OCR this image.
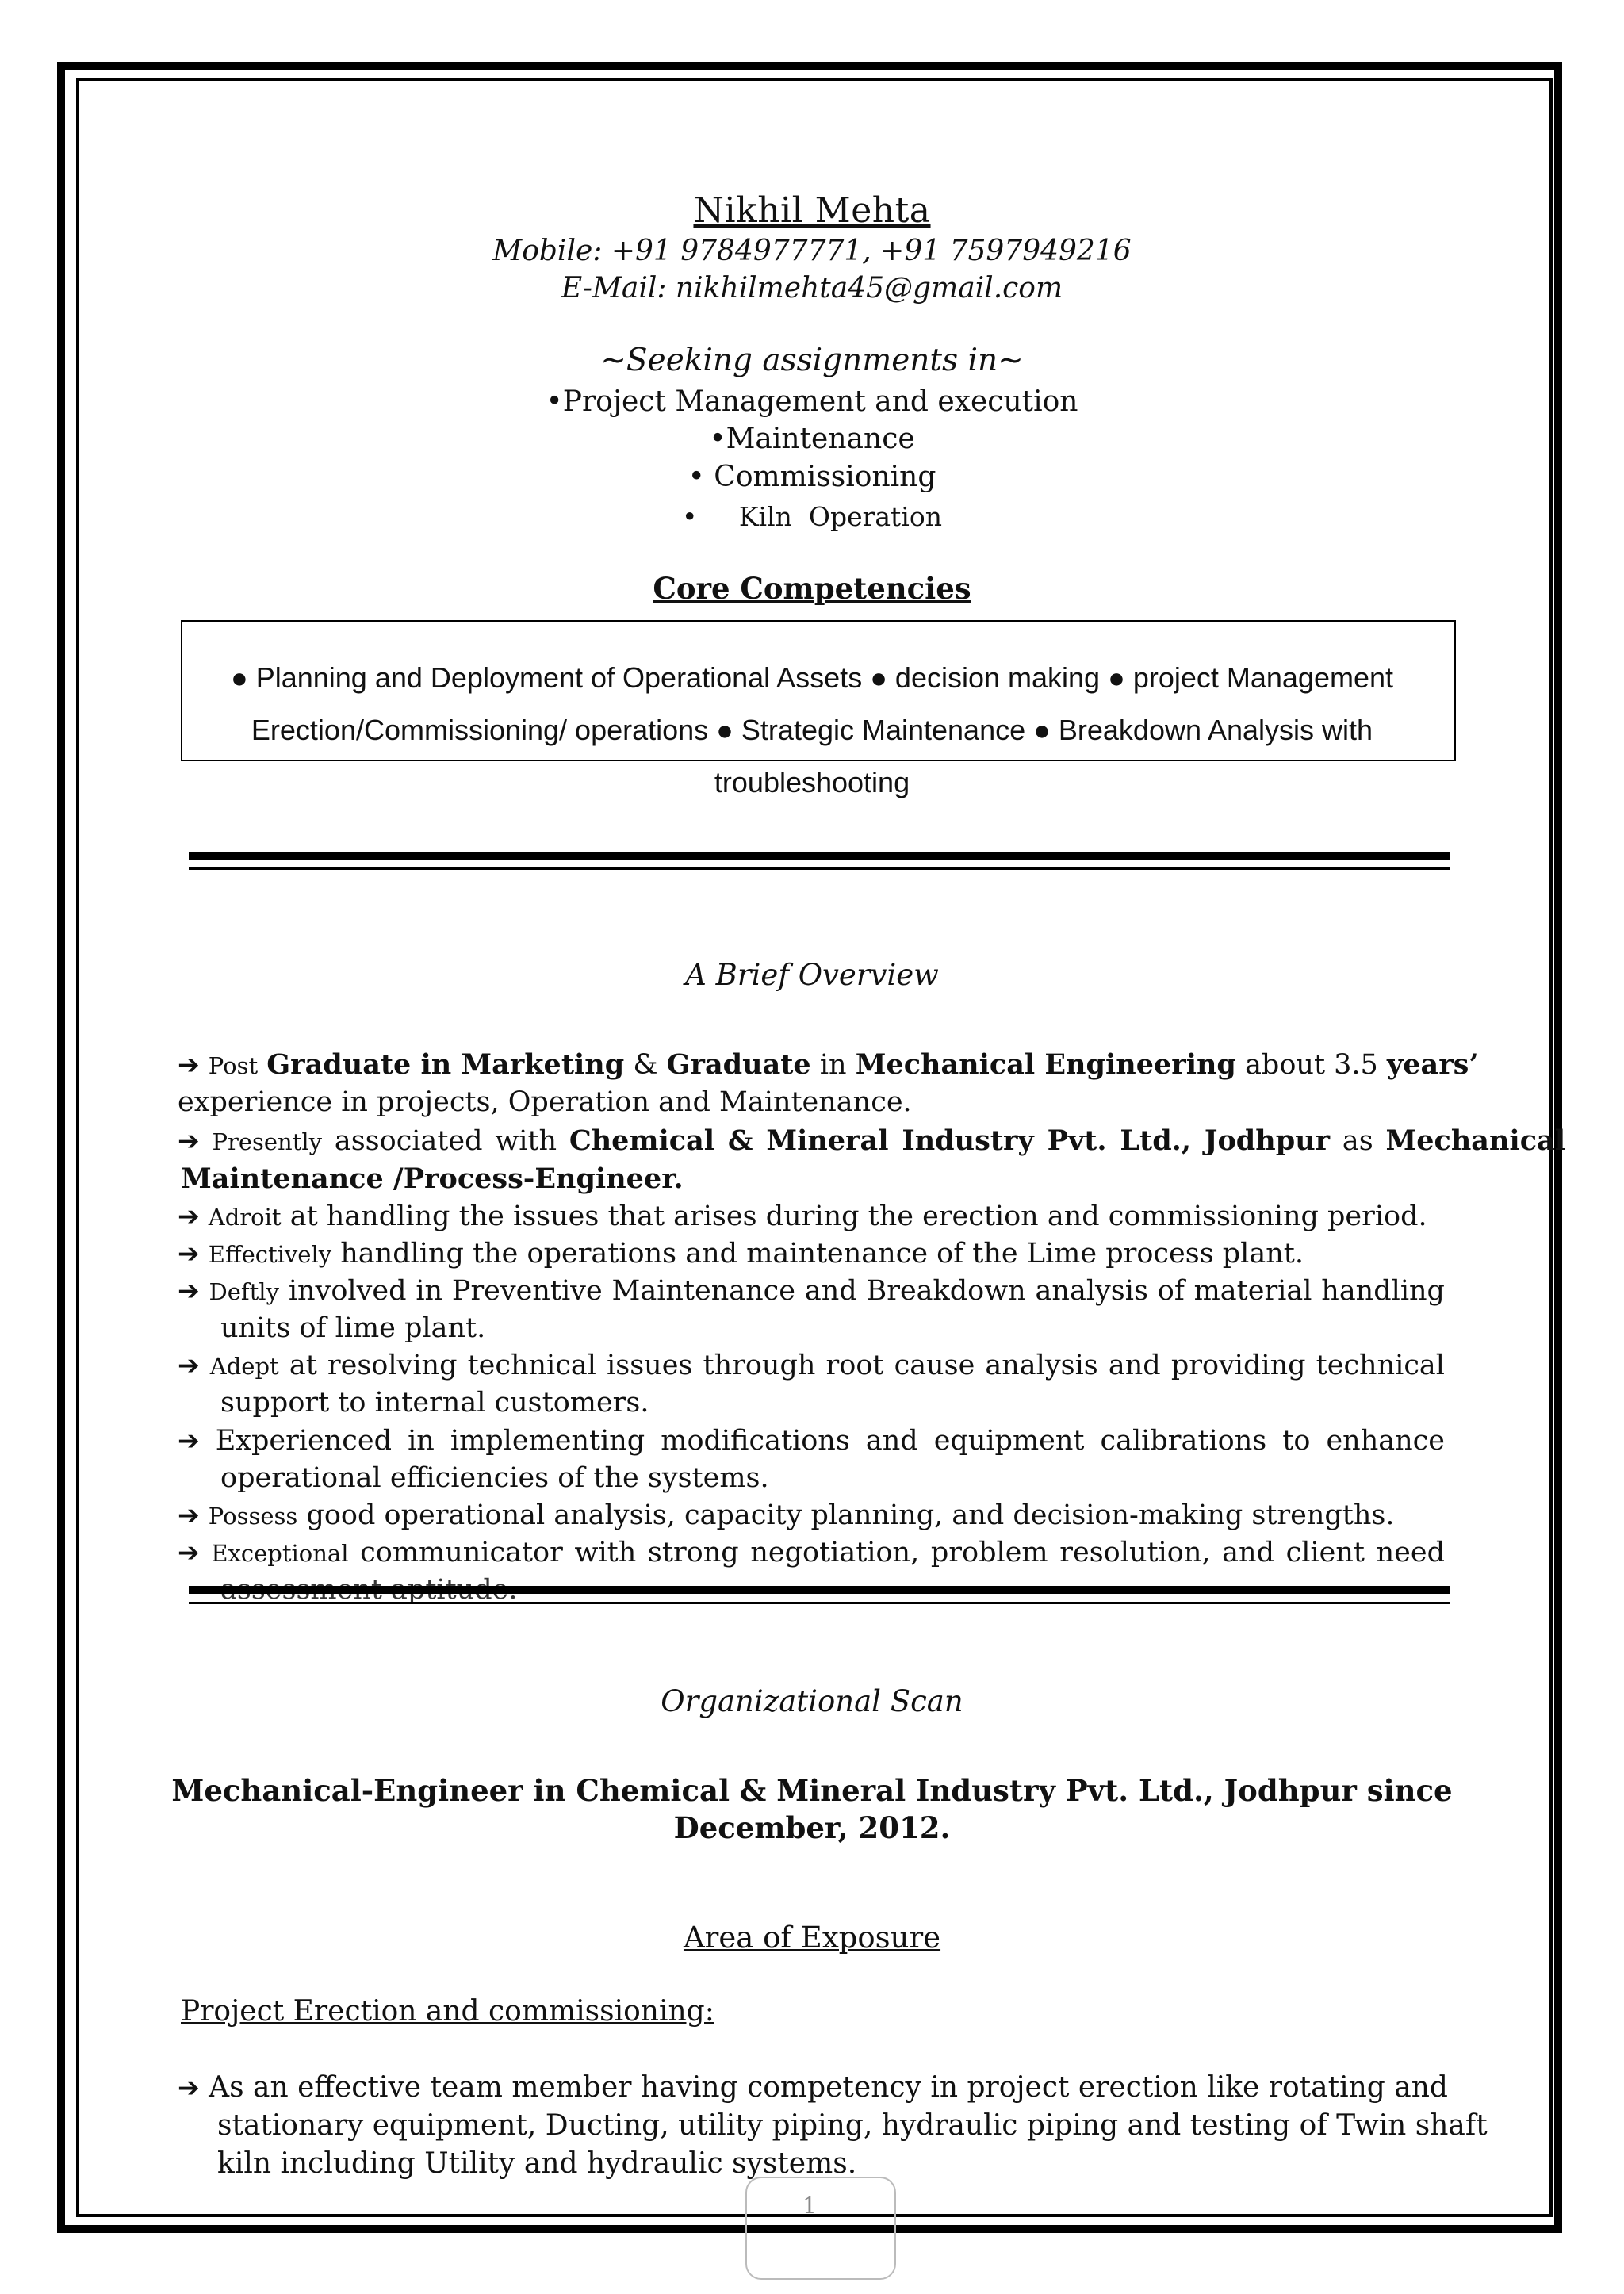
Nikhil Mehta
Mobile: +91 9784977771, +91 7597949216
E-Mail: nikhilmehta45@gmail.com
~Seeking assignments in~
•Project Management and execution
•Maintenance
• Commissioning
•     Kiln  Operation
Core Competencies
● Planning and Deployment of Operational Assets ● decision making ● project Management
Erection/Commissioning/ operations ● Strategic Maintenance ● Breakdown Analysis with
troubleshooting
A Brief Overview
➔ Post Graduate in Marketing & Graduate in Mechanical Engineering about 3.5 years’
experience in projects, Operation and Maintenance.
➔ Presently associated with Chemical & Mineral Industry Pvt. Ltd., Jodhpur as Mechanical
Maintenance /Process-Engineer.
➔ Adroit at handling the issues that arises during the erection and commissioning period.
➔ Effectively handling the operations and maintenance of the Lime process plant.
➔ Deftly involved in Preventive Maintenance and Breakdown analysis of material handling
units of lime plant.
➔ Adept at resolving technical issues through root cause analysis and providing technical
support to internal customers.
➔ Experienced in implementing modifications and equipment calibrations to enhance
operational efficiencies of the systems.
➔ Possess good operational analysis, capacity planning, and decision-making strengths.
➔ Exceptional communicator with strong negotiation, problem resolution, and client need
Organizational Scan
Mechanical-Engineer in Chemical & Mineral Industry Pvt. Ltd., Jodhpur since
December, 2012.
Area of Exposure
Project Erection and commissioning:
➔ As an effective team member having competency in project erection like rotating and
stationary equipment, Ducting, utility piping, hydraulic piping and testing of Twin shaft
kiln including Utility and hydraulic systems.
1
